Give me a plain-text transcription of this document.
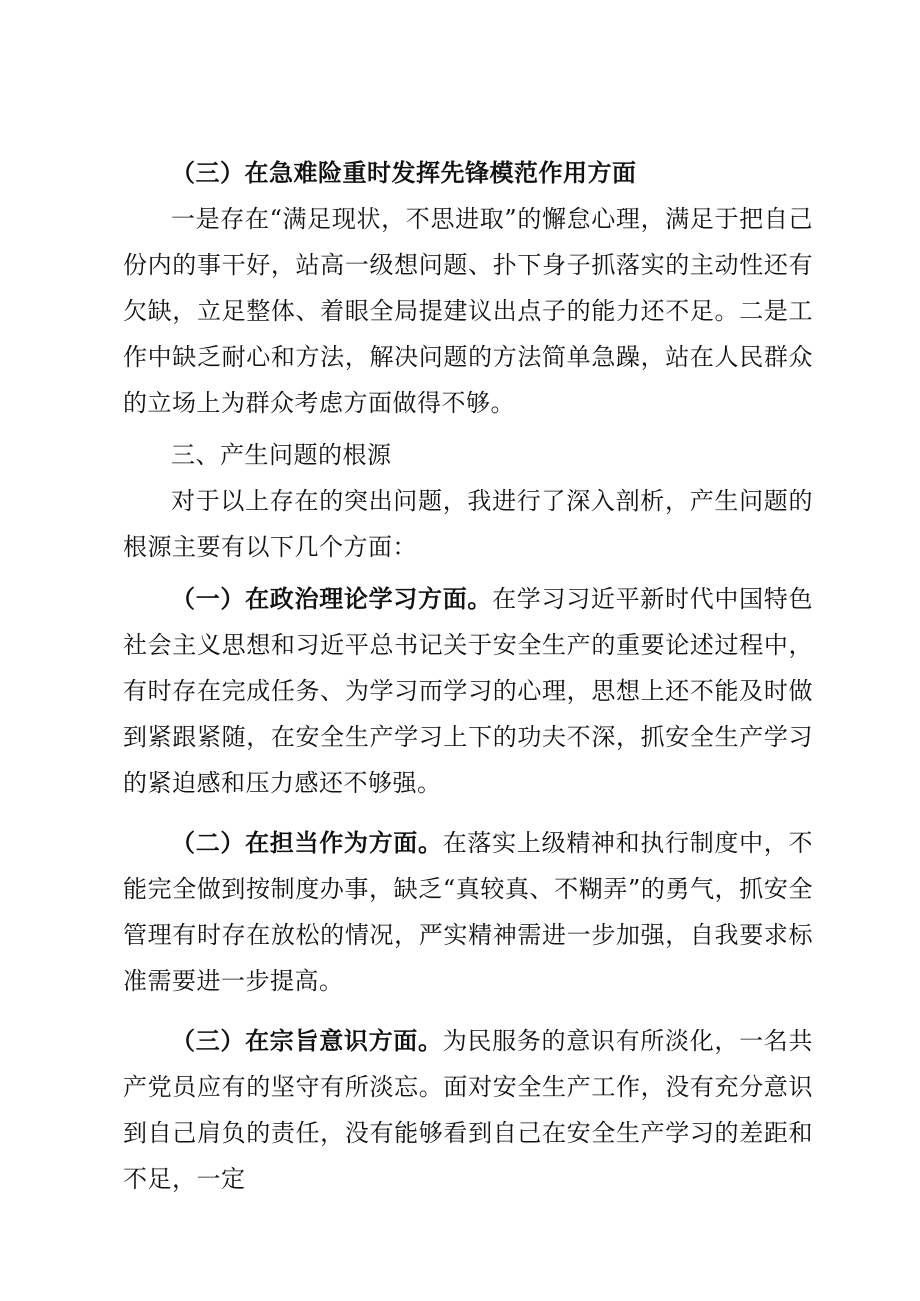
（三）在急难险重时发挥先锋模范作用方面

一是存在“满足现状，不思进取”的懈怠心理，满足于把自己份内的事干好，站高一级想问题、扑下身子抓落实的主动性还有欠缺，立足整体、着眼全局提建议出点子的能力还不足。二是工作中缺乏耐心和方法，解决问题的方法简单急躁，站在人民群众的立场上为群众考虑方面做得不够。

三、产生问题的根源

对于以上存在的突出问题，我进行了深入剖析，产生问题的根源主要有以下几个方面：

（一）在政治理论学习方面。在学习习近平新时代中国特色社会主义思想和习近平总书记关于安全生产的重要论述过程中，有时存在完成任务、为学习而学习的心理，思想上还不能及时做到紧跟紧随，在安全生产学习上下的功夫不深，抓安全生产学习的紧迫感和压力感还不够强。

（二）在担当作为方面。在落实上级精神和执行制度中，不能完全做到按制度办事，缺乏“真较真、不糊弄”的勇气，抓安全管理有时存在放松的情况，严实精神需进一步加强，自我要求标准需要进一步提高。

（三）在宗旨意识方面。为民服务的意识有所淡化，一名共产党员应有的坚守有所淡忘。面对安全生产工作，没有充分意识到自己肩负的责任，没有能够看到自己在安全生产学习的差距和不足，一定
